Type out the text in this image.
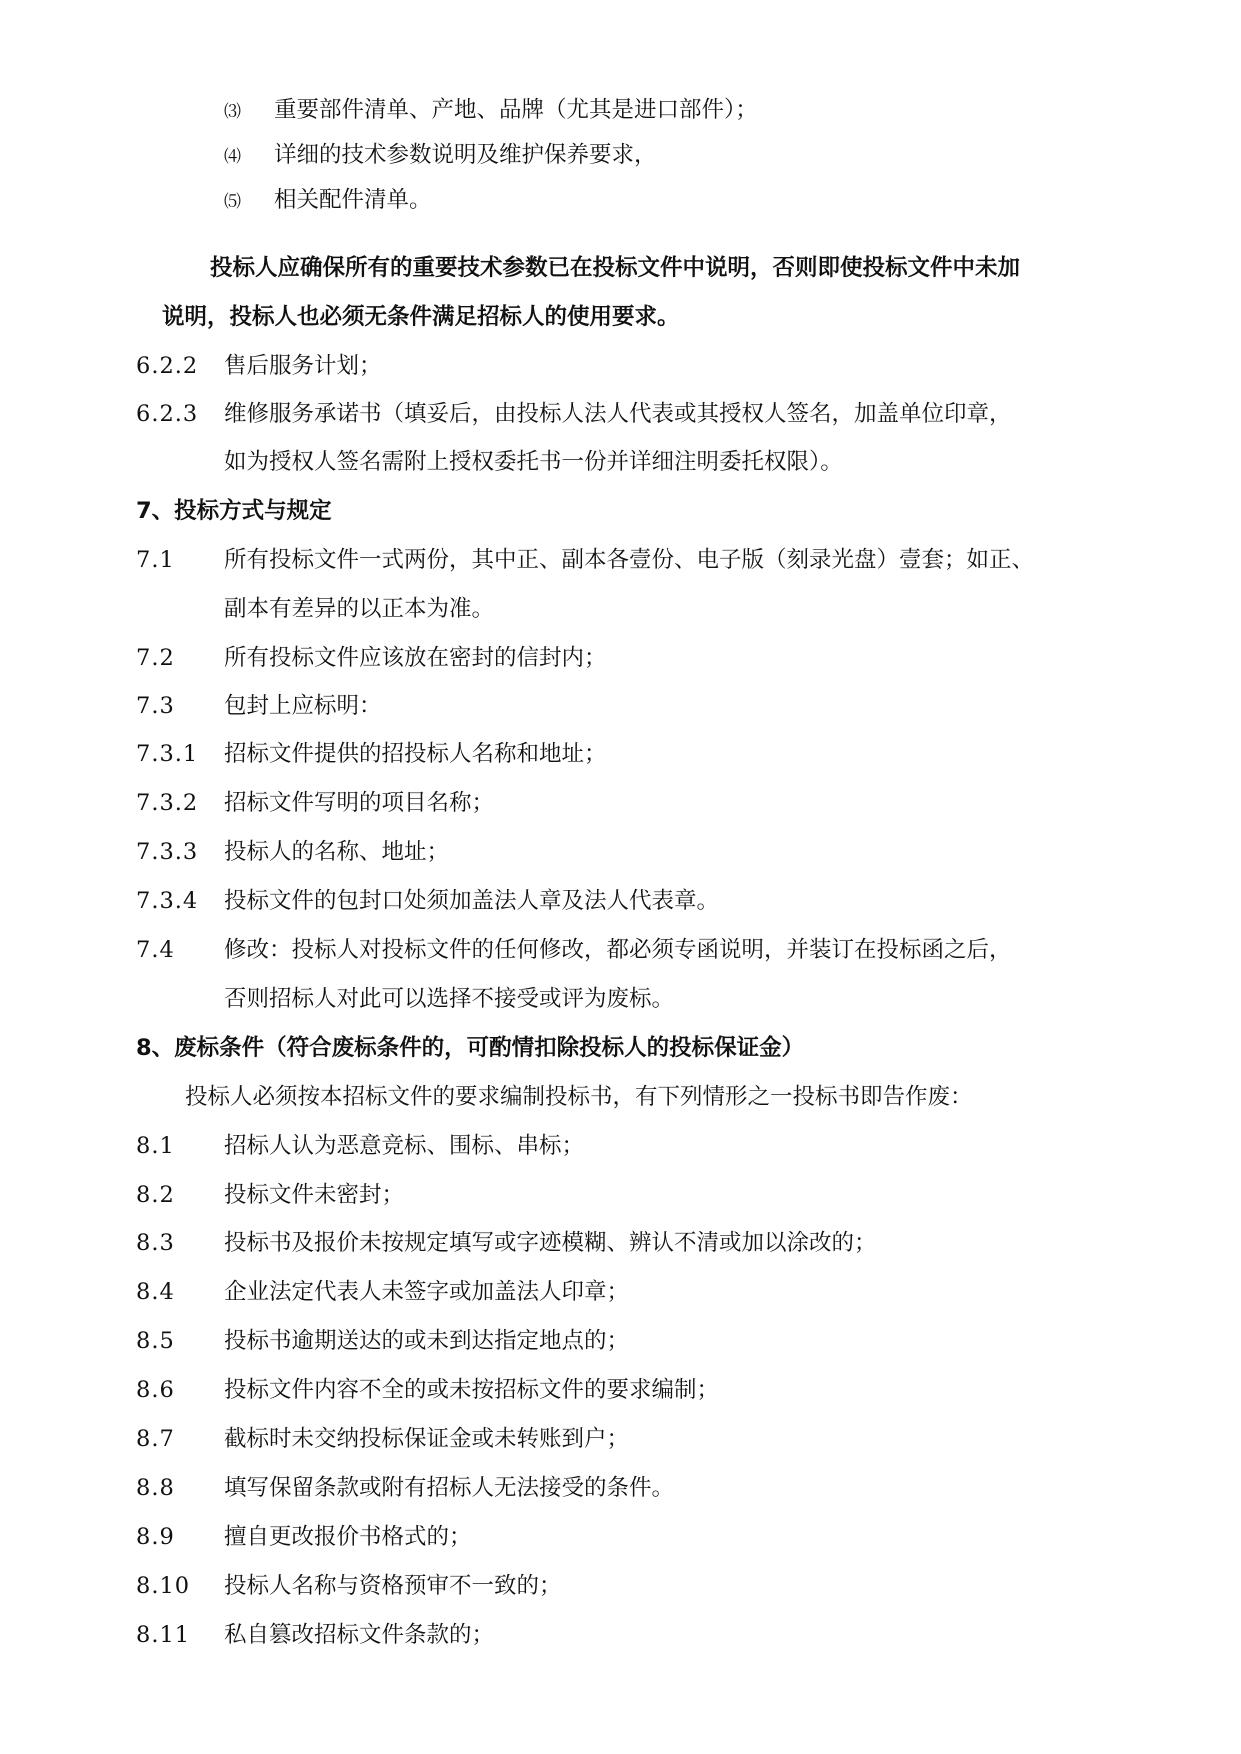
⑶ 重要部件清单、产地、品牌（尤其是进口部件）；
⑷ 详细的技术参数说明及维护保养要求，
⑸ 相关配件清单。
投标人应确保所有的重要技术参数已在投标文件中说明，否则即使投标文件中未加
说明，投标人也必须无条件满足招标人的使用要求。
6.2.2 售后服务计划；
6.2.3 维修服务承诺书（填妥后，由投标人法人代表或其授权人签名，加盖单位印章，
如为授权人签名需附上授权委托书一份并详细注明委托权限）。
7、投标方式与规定
7.1 所有投标文件一式两份，其中正、副本各壹份、电子版（刻录光盘）壹套；如正、
副本有差异的以正本为准。
7.2 所有投标文件应该放在密封的信封内；
7.3 包封上应标明：
7.3.1 招标文件提供的招投标人名称和地址；
7.3.2 招标文件写明的项目名称；
7.3.3 投标人的名称、地址；
7.3.4 投标文件的包封口处须加盖法人章及法人代表章。
7.4 修改：投标人对投标文件的任何修改，都必须专函说明，并装订在投标函之后，
否则招标人对此可以选择不接受或评为废标。
8、废标条件（符合废标条件的，可酌情扣除投标人的投标保证金）
投标人必须按本招标文件的要求编制投标书，有下列情形之一投标书即告作废：
8.1 招标人认为恶意竞标、围标、串标；
8.2 投标文件未密封；
8.3 投标书及报价未按规定填写或字迹模糊、辨认不清或加以涂改的；
8.4 企业法定代表人未签字或加盖法人印章；
8.5 投标书逾期送达的或未到达指定地点的；
8.6 投标文件内容不全的或未按招标文件的要求编制；
8.7 截标时未交纳投标保证金或未转账到户；
8.8 填写保留条款或附有招标人无法接受的条件。
8.9 擅自更改报价书格式的；
8.10 投标人名称与资格预审不一致的；
8.11 私自篡改招标文件条款的；
